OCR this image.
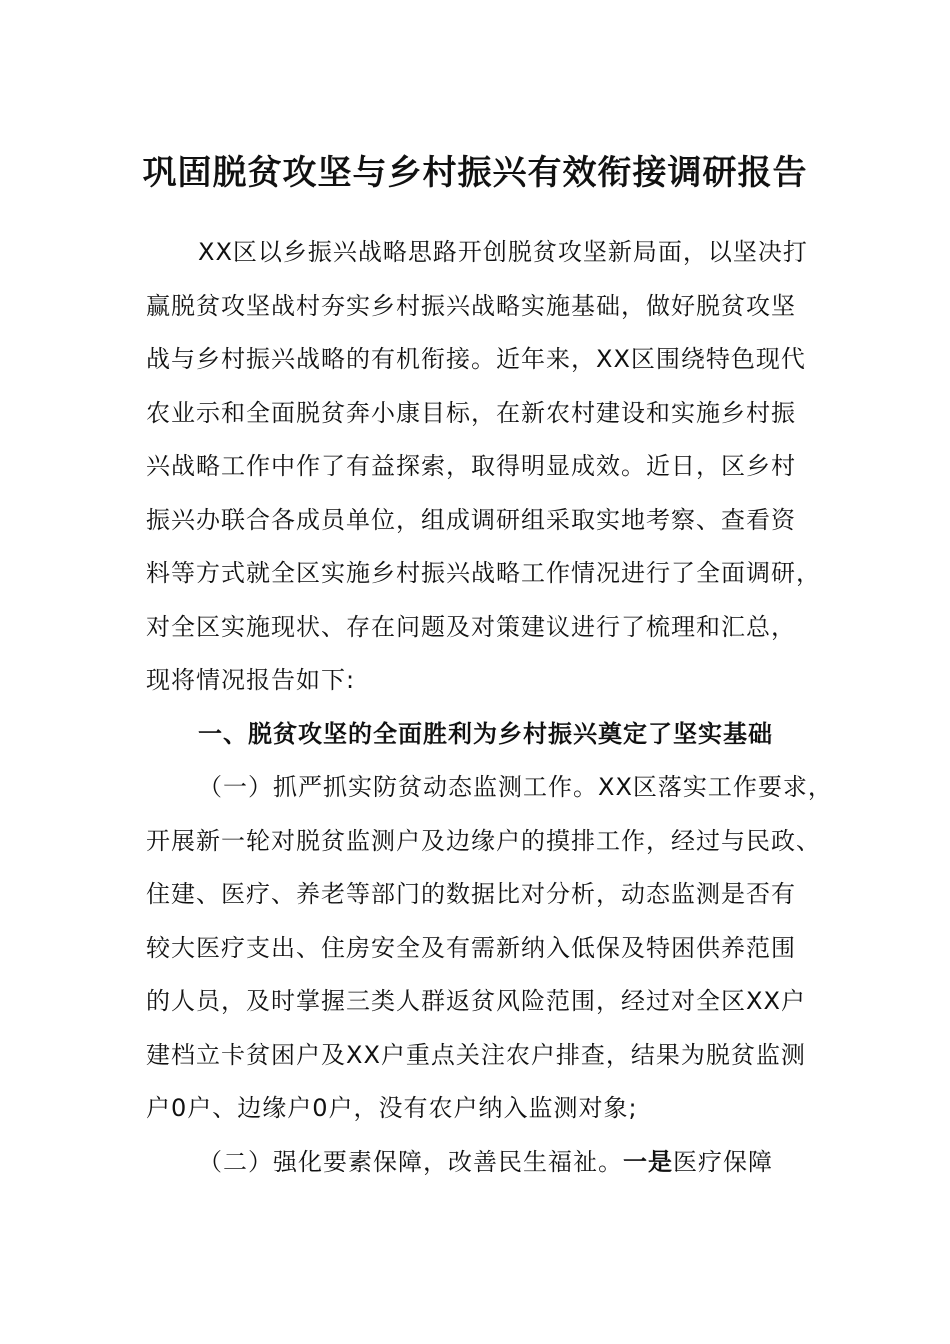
巩固脱贫攻坚与乡村振兴有效衔接调研报告
XX区以乡振兴战略思路开创脱贫攻坚新局面，以坚决打
赢脱贫攻坚战村夯实乡村振兴战略实施基础，做好脱贫攻坚
战与乡村振兴战略的有机衔接。近年来，XX区围绕特色现代
农业示和全面脱贫奔小康目标，在新农村建设和实施乡村振
兴战略工作中作了有益探索，取得明显成效。近日，区乡村
振兴办联合各成员单位，组成调研组采取实地考察、查看资
料等方式就全区实施乡村振兴战略工作情况进行了全面调研，
对全区实施现状、存在问题及对策建议进行了梳理和汇总，
现将情况报告如下:
一、脱贫攻坚的全面胜利为乡村振兴奠定了坚实基础
（一）抓严抓实防贫动态监测工作。XX区落实工作要求，
开展新一轮对脱贫监测户及边缘户的摸排工作，经过与民政、
住建、医疗、养老等部门的数据比对分析，动态监测是否有
较大医疗支出、住房安全及有需新纳入低保及特困供养范围
的人员，及时掌握三类人群返贫风险范围，经过对全区XX户
建档立卡贫困户及XX户重点关注农户排查，结果为脱贫监测
户0户、边缘户0户，没有农户纳入监测对象;
（二）强化要素保障，改善民生福祉。一是医疗保障
